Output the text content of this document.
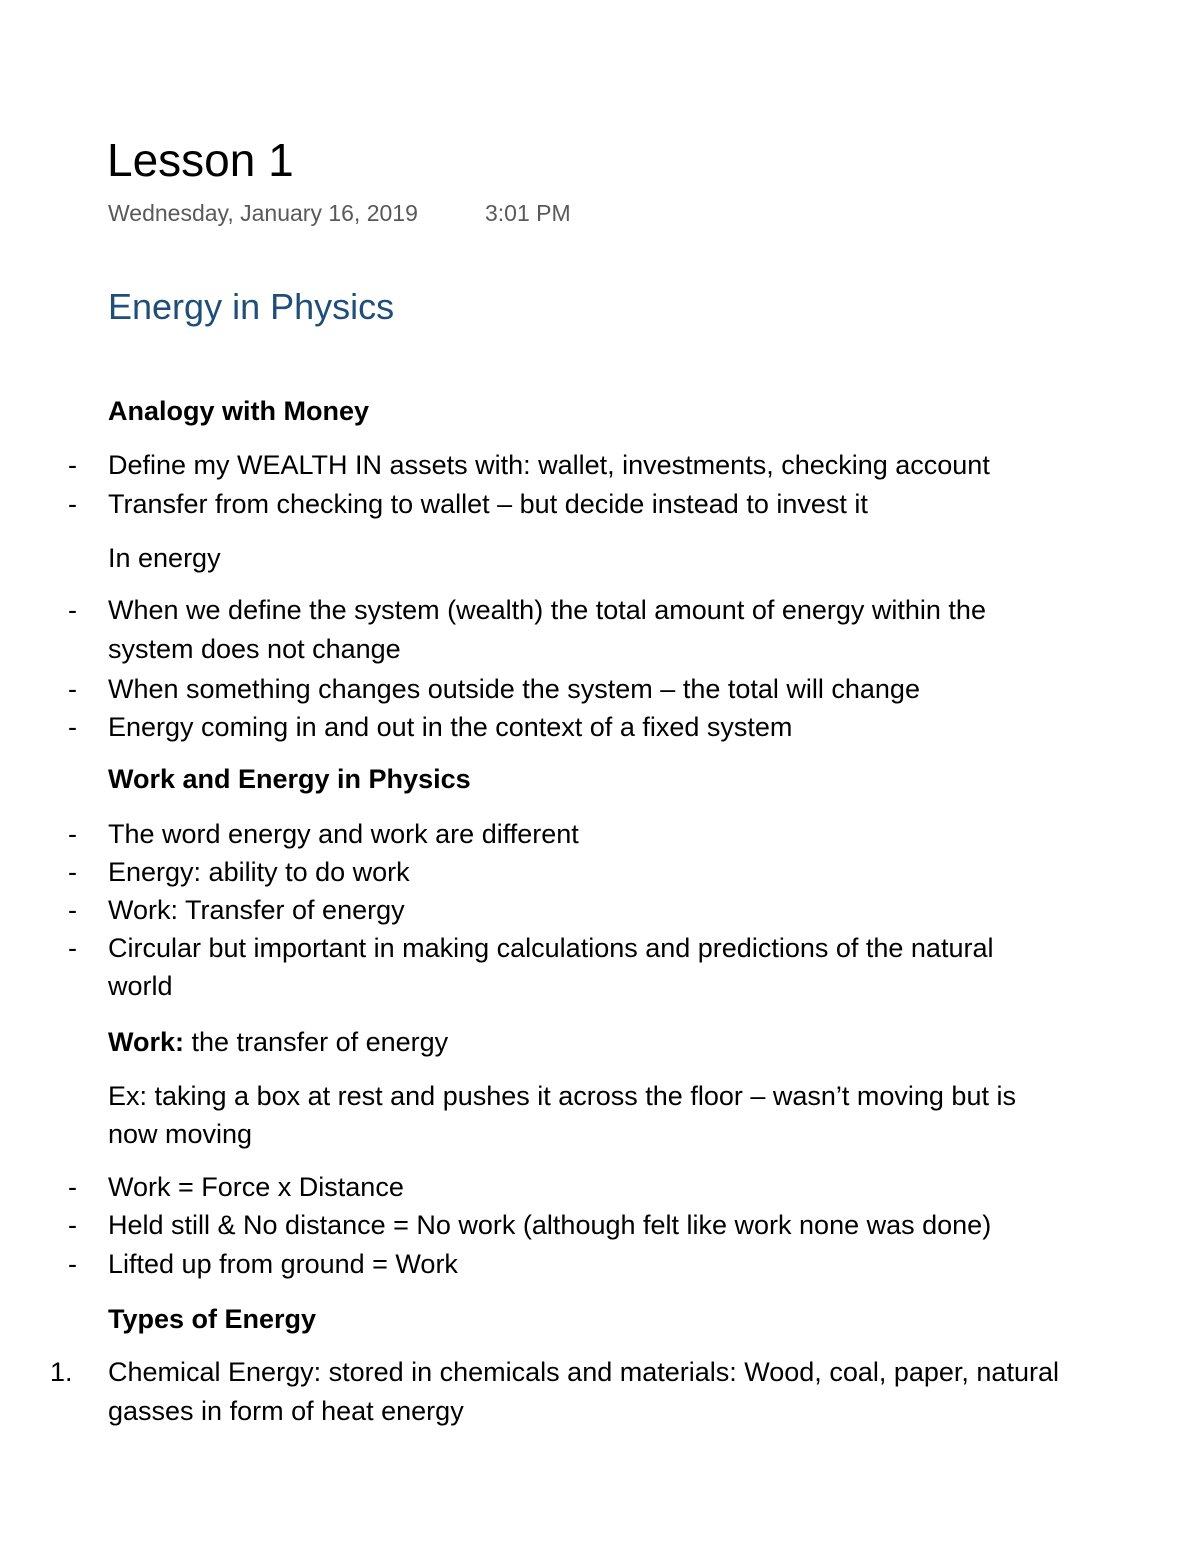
Lesson 1
Wednesday, January 16, 2019	3:01 PM
Energy in Physics
Analogy with Money
- Define my WEALTH IN assets with: wallet, investments, checking account
- Transfer from checking to wallet – but decide instead to invest it
In energy
- When we define the system (wealth) the total amount of energy within the
system does not change
- When something changes outside the system – the total will change
- Energy coming in and out in the context of a fixed system
Work and Energy in Physics
- The word energy and work are different
- Energy: ability to do work
- Work: Transfer of energy
- Circular but important in making calculations and predictions of the natural
world
Work: the transfer of energy
Ex: taking a box at rest and pushes it across the floor – wasn’t moving but is
now moving
- Work = Force x Distance
- Held still & No distance = No work (although felt like work none was done)
- Lifted up from ground = Work
Types of Energy
1. Chemical Energy: stored in chemicals and materials: Wood, coal, paper, natural
gasses in form of heat energy
